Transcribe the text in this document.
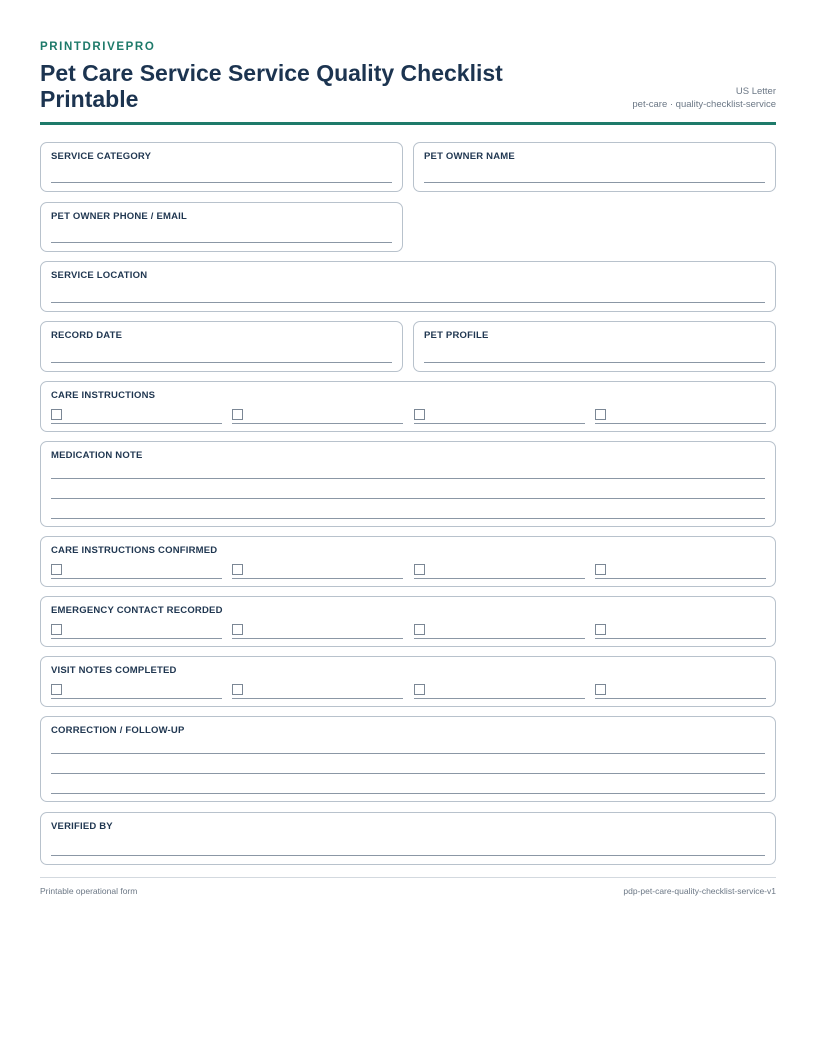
PRINTDRIVEPRO
Pet Care Service Service Quality Checklist Printable	US Letter
pet-care · quality-checklist-service
SERVICE CATEGORY	PET OWNER NAME
PET OWNER PHONE / EMAIL
SERVICE LOCATION
RECORD DATE	PET PROFILE
CARE INSTRUCTIONS
MEDICATION NOTE
CARE INSTRUCTIONS CONFIRMED
EMERGENCY CONTACT RECORDED
VISIT NOTES COMPLETED
CORRECTION / FOLLOW-UP
VERIFIED BY
Printable operational form	pdp-pet-care-quality-checklist-service-v1
